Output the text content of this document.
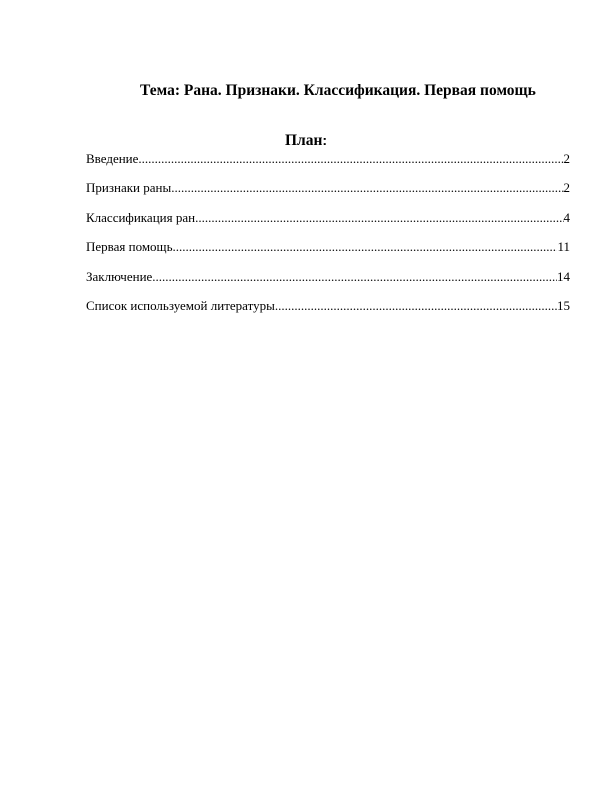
Тема: Рана. Признаки. Классификация. Первая помощь
План:
Введение .....	2
Признаки раны .....	2
Классификация ран .....	4
Первая помощь .....	11
Заключение .....	14
Список используемой литературы .....	15
